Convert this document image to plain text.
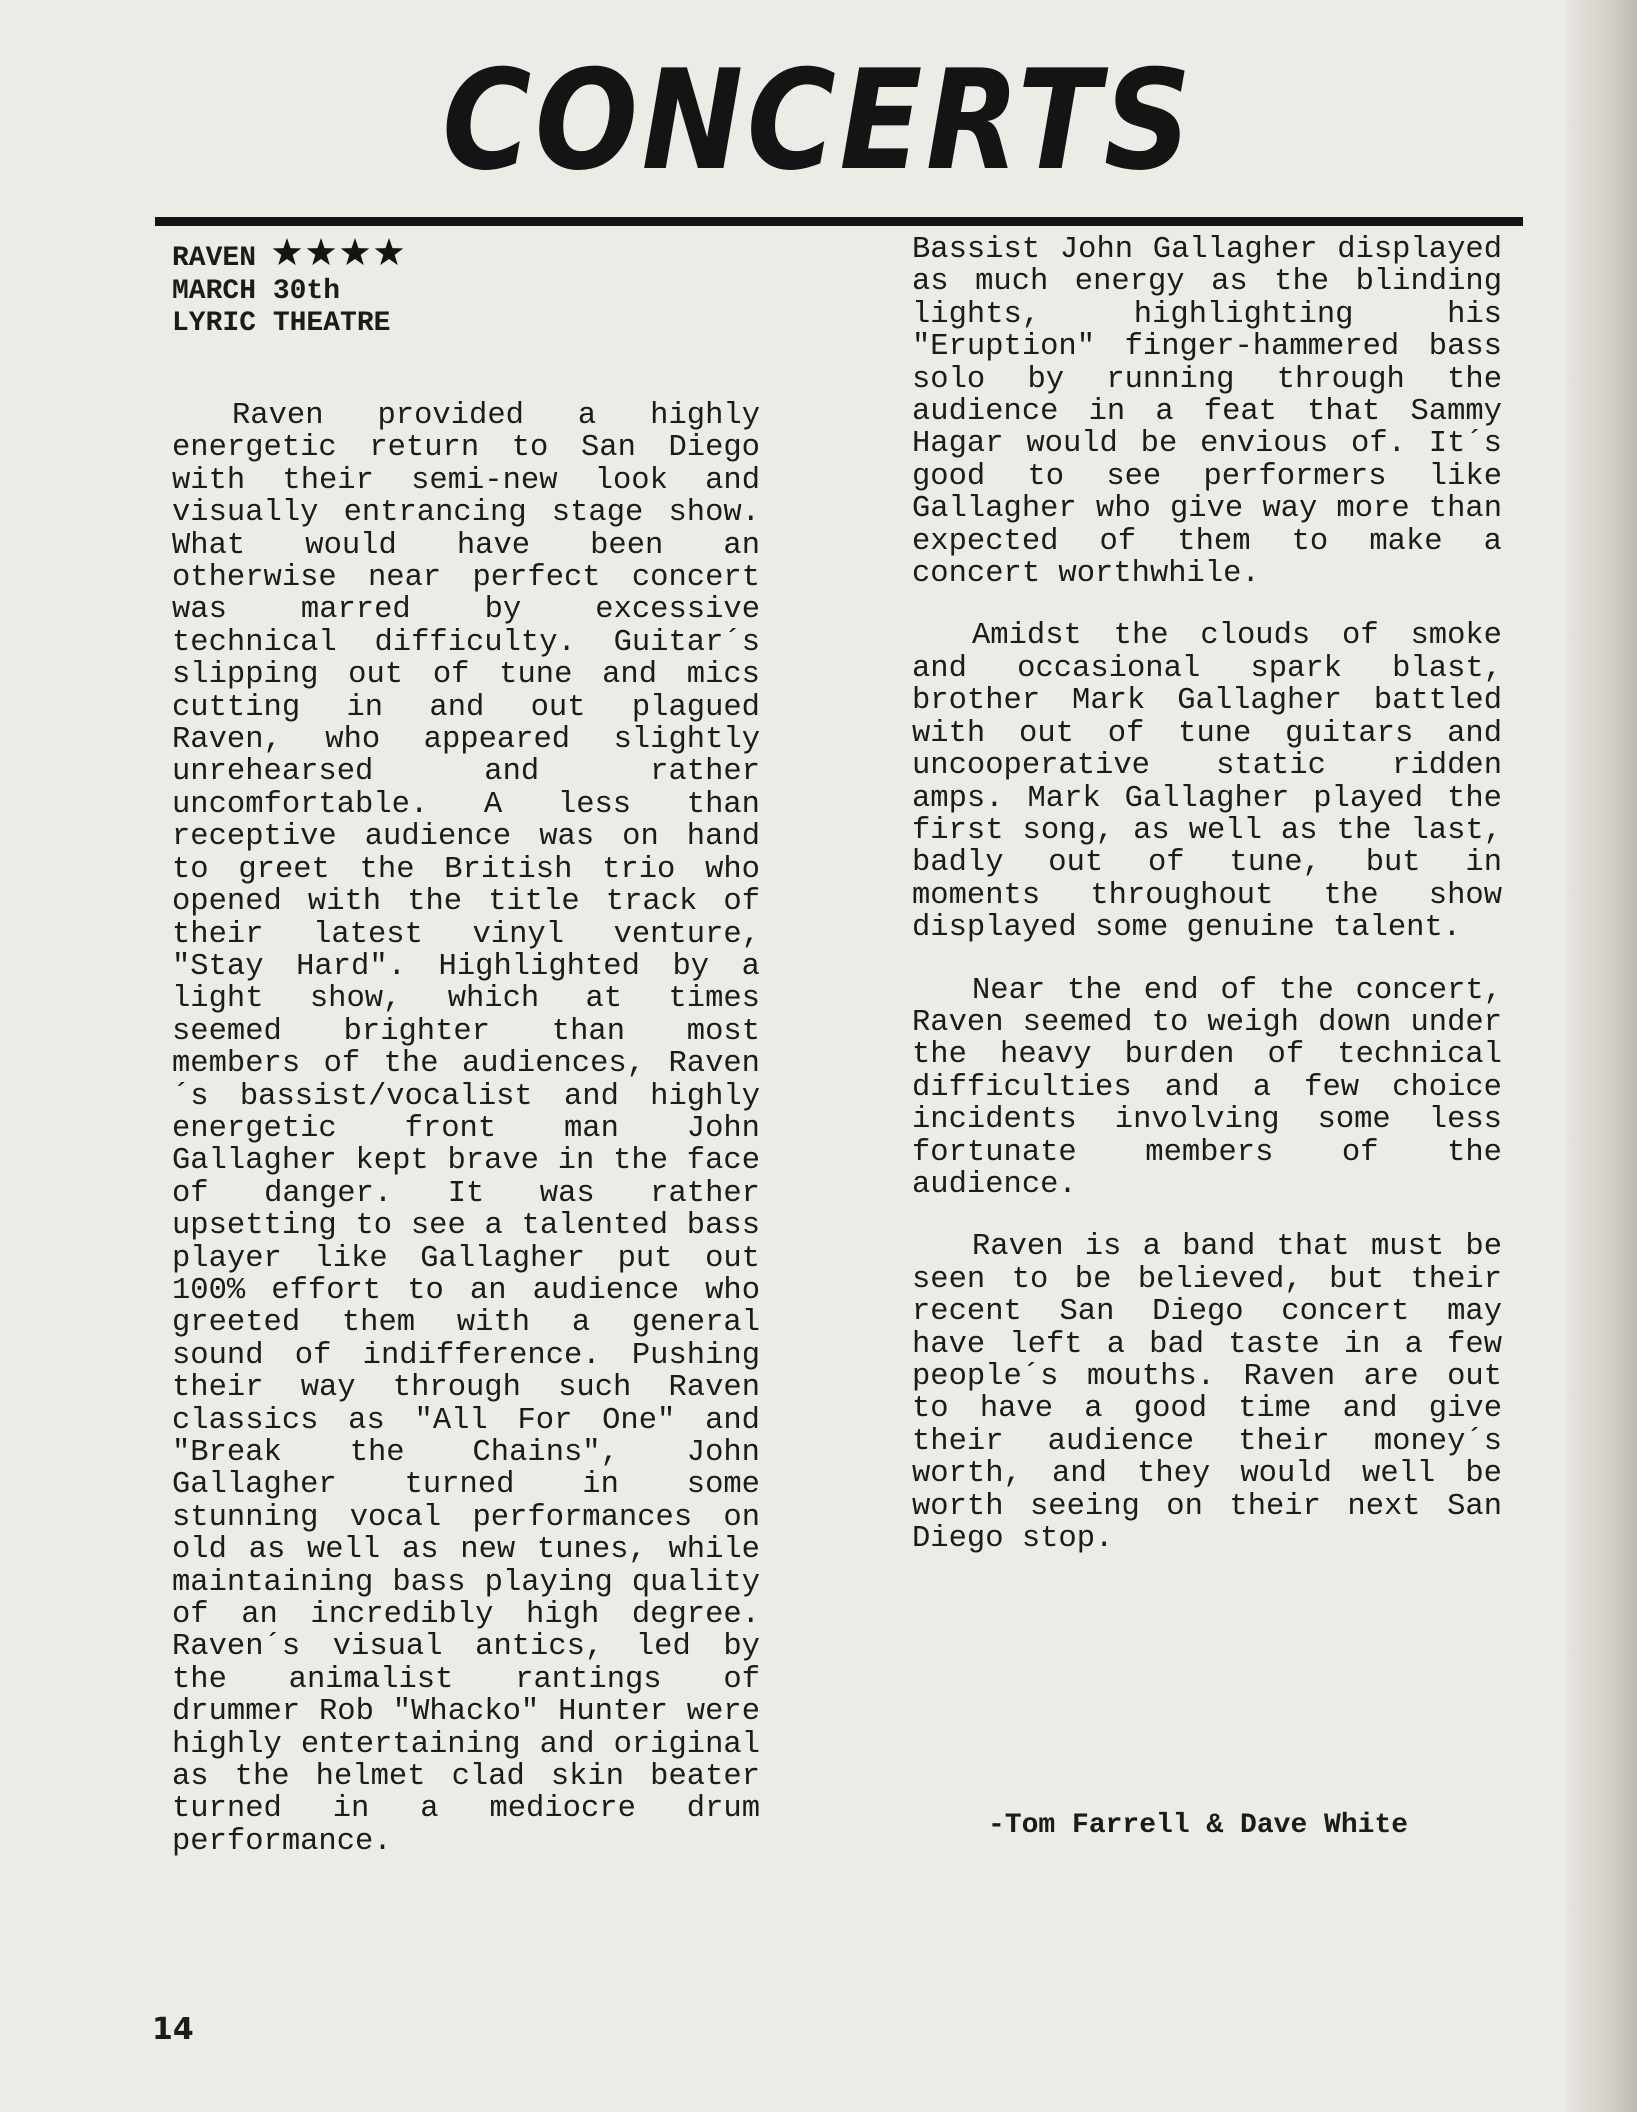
CONCERTS
RAVEN
MARCH 30th
LYRIC THEATRE

Raven provided a highly energetic return to San Diego with their semi-new look and visually entrancing stage show. What would have been an otherwise near perfect concert was marred by excessive technical difficulty. Guitar´s slipping out of tune and mics cutting in and out plagued Raven, who appeared slightly unrehearsed and rather uncomfortable. A less than receptive audience was on hand to greet the British trio who opened with the title track of their latest vinyl venture, "Stay Hard". Highlighted by a light show, which at times seemed brighter than most members of the audiences, Raven´s bassist/vocalist and highly energetic front man John Gallagher kept brave in the face of danger. It was rather upsetting to see a talented bass player like Gallagher put out 100% effort to an audience who greeted them with a general sound of indifference. Pushing their way through such Raven classics as "All For One" and "Break the Chains", John Gallagher turned in some stunning vocal performances on old as well as new tunes, while maintaining bass playing quality of an incredibly high degree. Raven´s visual antics, led by the animalist rantings of drummer Rob "Whacko" Hunter were highly entertaining and original as the helmet clad skin beater turned in a mediocre drum performance.

Bassist John Gallagher displayed as much energy as the blinding lights, highlighting his "Eruption" finger-hammered bass solo by running through the audience in a feat that Sammy Hagar would be envious of. It´s good to see performers like Gallagher who give way more than expected of them to make a concert worthwhile.

Amidst the clouds of smoke and occasional spark blast, brother Mark Gallagher battled with out of tune guitars and uncooperative static ridden amps. Mark Gallagher played the first song, as well as the last, badly out of tune, but in moments throughout the show displayed some genuine talent.

Near the end of the concert, Raven seemed to weigh down under the heavy burden of technical difficulties and a few choice incidents involving some less fortunate members of the audience.

Raven is a band that must be seen to be believed, but their recent San Diego concert may have left a bad taste in a few people´s mouths. Raven are out to have a good time and give their audience their money´s worth, and they would well be worth seeing on their next San Diego stop.

-Tom Farrell & Dave White
14
